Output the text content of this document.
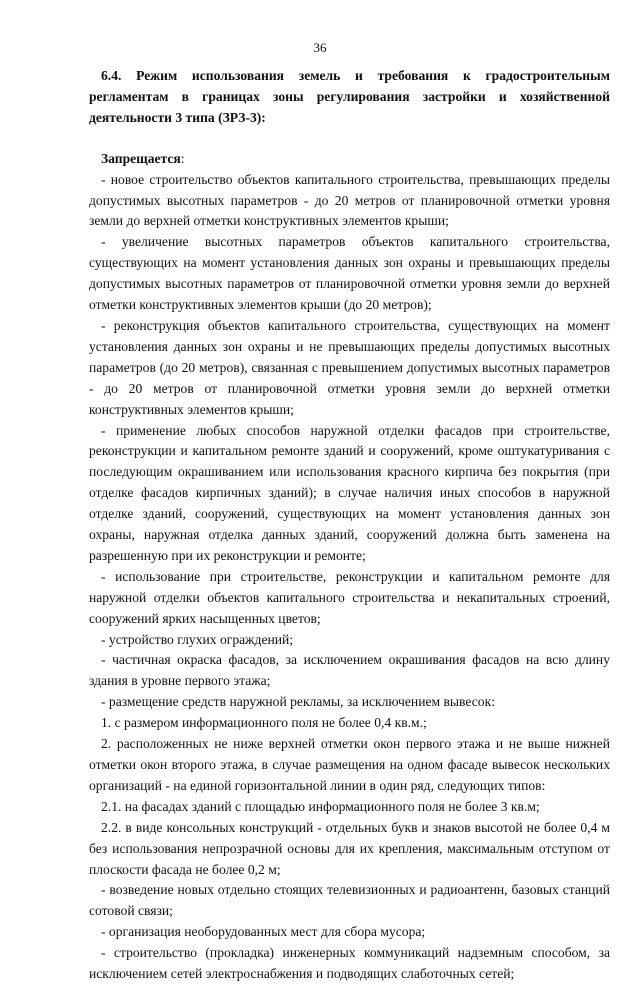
36

6.4. Режим использования земель и требования к градостроительным регламентам в границах зоны регулирования застройки и хозяйственной деятельности 3 типа (ЗРЗ-3):

Запрещается:

- новое строительство объектов капитального строительства, превышающих пределы допустимых высотных параметров - до 20 метров от планировочной отметки уровня земли до верхней отметки конструктивных элементов крыши;

- увеличение высотных параметров объектов капитального строительства, существующих на момент установления данных зон охраны и превышающих пределы допустимых высотных параметров от планировочной отметки уровня земли до верхней отметки конструктивных элементов крыши (до 20 метров);

- реконструкция объектов капитального строительства, существующих на момент установления данных зон охраны и не превышающих пределы допустимых высотных параметров (до 20 метров), связанная с превышением допустимых высотных параметров - до 20 метров от планировочной отметки уровня земли до верхней отметки конструктивных элементов крыши;

- применение любых способов наружной отделки фасадов при строительстве, реконструкции и капитальном ремонте зданий и сооружений, кроме оштукатуривания с последующим окрашиванием или использования красного кирпича без покрытия (при отделке фасадов кирпичных зданий); в случае наличия иных способов в наружной отделке зданий, сооружений, существующих на момент установления данных зон охраны, наружная отделка данных зданий, сооружений должна быть заменена на разрешенную при их реконструкции и ремонте;

- использование при строительстве, реконструкции и капитальном ремонте для наружной отделки объектов капитального строительства и некапитальных строений, сооружений ярких насыщенных цветов;

- устройство глухих ограждений;

- частичная окраска фасадов, за исключением окрашивания фасадов на всю длину здания в уровне первого этажа;

- размещение средств наружной рекламы, за исключением вывесок:

1. с размером информационного поля не более 0,4 кв.м.;

2. расположенных не ниже верхней отметки окон первого этажа и не выше нижней отметки окон второго этажа, в случае размещения на одном фасаде вывесок нескольких организаций - на единой горизонтальной линии в один ряд, следующих типов:

2.1. на фасадах зданий с площадью информационного поля не более 3 кв.м;

2.2. в виде консольных конструкций - отдельных букв и знаков высотой не более 0,4 м без использования непрозрачной основы для их крепления, максимальным отступом от плоскости фасада не более 0,2 м;

- возведение новых отдельно стоящих телевизионных и радиоантенн, базовых станций сотовой связи;

- организация необорудованных мест для сбора мусора;

- строительство (прокладка) инженерных коммуникаций надземным способом, за исключением сетей электроснабжения и подводящих слаботочных сетей;
